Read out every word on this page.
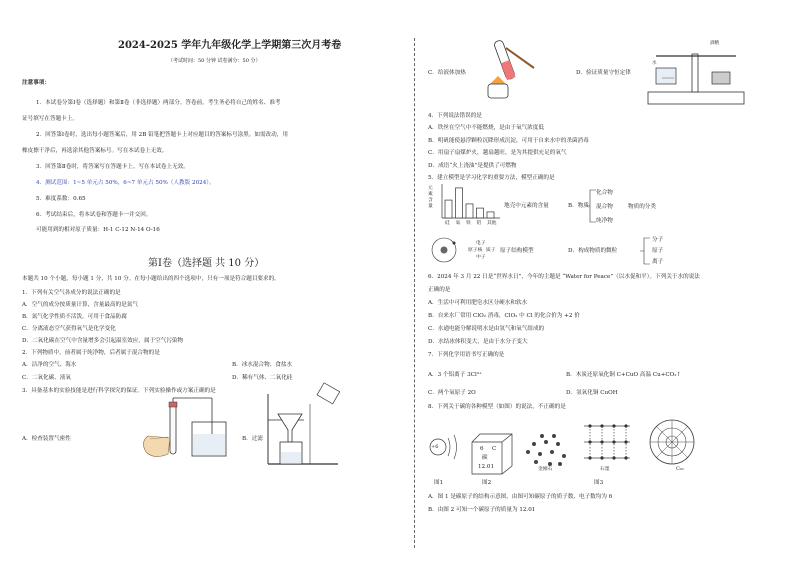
2024-2025 学年九年级化学上学期第三次月考卷
（考试时间：50 分钟 试卷满分：50 分）
注意事项：
1．本试卷分第Ⅰ卷（选择题）和第Ⅱ卷（非选择题）两部分。答卷前，考生务必将自己的姓名、准考
证号填写在答题卡上。
2．回答第Ⅰ卷时，选出每小题答案后，用 2B 铅笔把答题卡上对应题目的答案标号涂黑。如需改动，用
橡皮擦干净后，再选涂其他答案标号。写在本试卷上无效。
3．回答第Ⅱ卷时，将答案写在答题卡上。写在本试卷上无效。
4．测试范围：1~5 单元占 50%，6~7 单元占 50%（人教版 2024）。
5．难度系数：0.65
6．考试结束后，将本试卷和答题卡一并交回。
可能用到的相对原子质量：H-1 C-12 N-14 O-16
第Ⅰ卷（选择题 共 10 分）
本题共 10 个小题，每小题 1 分，共 10 分。在每小题给出的四个选项中，只有一项是符合题目要求的。
1．下列有关空气各成分的说法正确的是
A．空气的成分按质量计算，含量最高的是氮气
B．氮气化学性质不活泼，可用于食品防腐
C．分离液态空气获得氧气是化学变化
D．二氧化碳在空气中含量增多会引起温室效应，属于空气污染物
2．下列物质中，前者属于纯净物，后者属于混合物的是
A．洁净的空气、海水	B．冰水混合物、食盐水
C．二氧化碳、液氧	D．稀有气体、二氧化硅
3．具备基本的实验技能是进行科学探究的保证。下列实验操作或方案正确的是
A．检查装置气密性	B．过滤
C．给液体加热
水
酒精
D．验证质量守恒定律
4．下列说法错误的是
A．铁丝在空气中不能燃烧，是由于氧气浓度低
B．明矾能使悬浮颗粒沉降形成沉淀，可用于自来水中的杀菌消毒
C．用扇子扇煤炉火，越扇越旺，是为其提供充足的氧气
D．成语“火上浇油”是提供了可燃物
5．建立模型是学习化学的重要方法，模型正确的是
元素含量
硅 氧 铁 铝 其他
地壳中元素的含量	B．物质
化合物
混合物
纯净物
物质的分类
电子
原子核 质子
中子
原子结构模型	D．构成物质的微粒
分子
原子
离子
6．2024 年 3 月 22 日是“世界水日”，今年的主题是 “Water for Peace”（以水促和平）。下列关于水的说法
正确的是
A．生活中可利用肥皂水区分硬水和软水
B．自来水厂常用 ClO₂ 消毒，ClO₂ 中 Cl 的化合价为 +2 价
C．水通电能分解说明水是由氢气和氧气组成的
D．水结冰体积变大，是由于水分子变大
7．下列化学用语书写正确的是
A．3 个铝离子 3Cl³⁺	B．木炭还原氧化铜 C+CuO 高温 Cu+CO₂↑
C．两个氧原子 2O	D．氢氧化铜 CuOH
8．下列关于碳的各种模型（如图）的说法，不正确的是
+6	6 C
碳
12.01	金刚石	石墨	C₆₀
图1	图2	图3
A．图 1 是碳原子的结构示意图，由图可知碳原子的质子数、电子数均为 6
B．由图 2 可知一个碳原子的质量为 12.01
